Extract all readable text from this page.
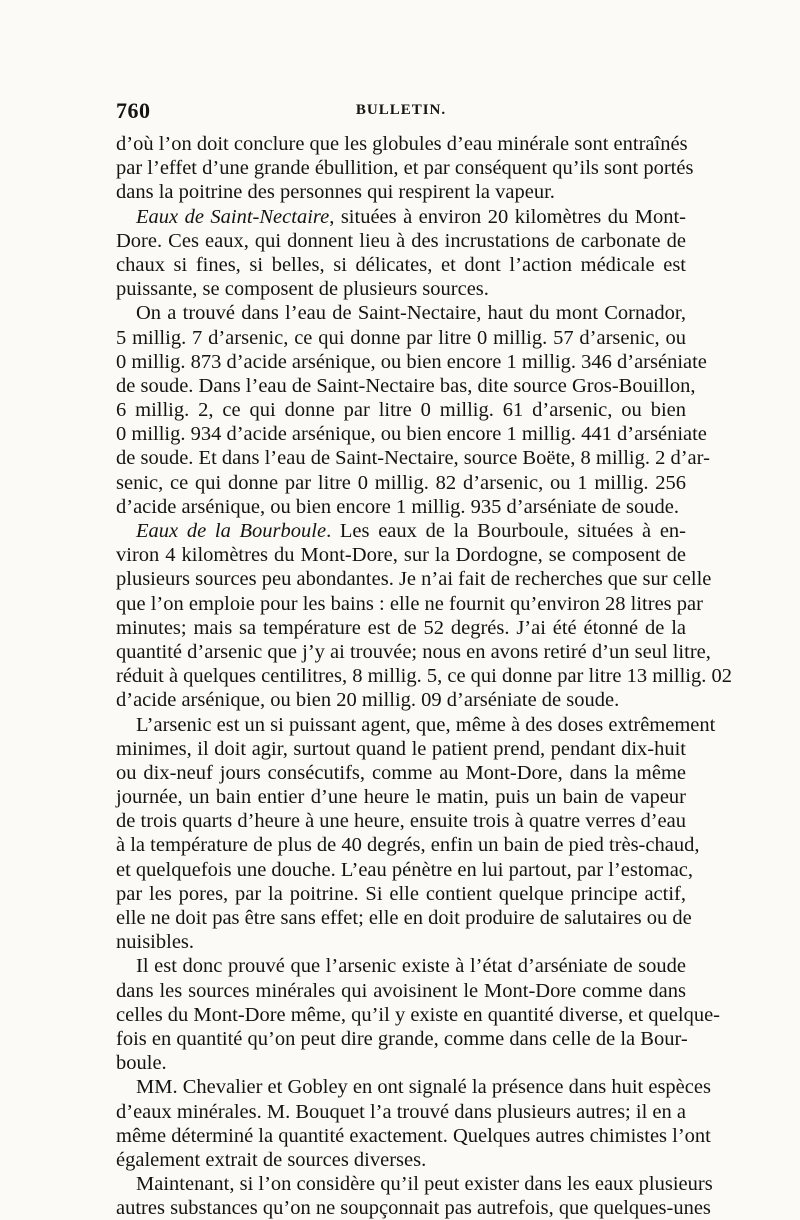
760	BULLETIN.
d’où l’on doit conclure que les globules d’eau minérale sont entraînés
par l’effet d’une grande ébullition, et par conséquent qu’ils sont portés
dans la poitrine des personnes qui respirent la vapeur.
Eaux de Saint-Nectaire, situées à environ 20 kilomètres du Mont-
Dore. Ces eaux, qui donnent lieu à des incrustations de carbonate de
chaux si fines, si belles, si délicates, et dont l’action médicale est
puissante, se composent de plusieurs sources.
On a trouvé dans l’eau de Saint-Nectaire, haut du mont Cornador,
5 millig. 7 d’arsenic, ce qui donne par litre 0 millig. 57 d’arsenic, ou
0 millig. 873 d’acide arsénique, ou bien encore 1 millig. 346 d’arséniate
de soude. Dans l’eau de Saint-Nectaire bas, dite source Gros-Bouillon,
6 millig. 2, ce qui donne par litre 0 millig. 61 d’arsenic, ou bien
0 millig. 934 d’acide arsénique, ou bien encore 1 millig. 441 d’arséniate
de soude. Et dans l’eau de Saint-Nectaire, source Boëte, 8 millig. 2 d’ar-
senic, ce qui donne par litre 0 millig. 82 d’arsenic, ou 1 millig. 256
d’acide arsénique, ou bien encore 1 millig. 935 d’arséniate de soude.
Eaux de la Bourboule. Les eaux de la Bourboule, situées à en-
viron 4 kilomètres du Mont-Dore, sur la Dordogne, se composent de
plusieurs sources peu abondantes. Je n’ai fait de recherches que sur celle
que l’on emploie pour les bains : elle ne fournit qu’environ 28 litres par
minutes; mais sa température est de 52 degrés. J’ai été étonné de la
quantité d’arsenic que j’y ai trouvée; nous en avons retiré d’un seul litre,
réduit à quelques centilitres, 8 millig. 5, ce qui donne par litre 13 millig. 02
d’acide arsénique, ou bien 20 millig. 09 d’arséniate de soude.
L’arsenic est un si puissant agent, que, même à des doses extrêmement
minimes, il doit agir, surtout quand le patient prend, pendant dix-huit
ou dix-neuf jours consécutifs, comme au Mont-Dore, dans la même
journée, un bain entier d’une heure le matin, puis un bain de vapeur
de trois quarts d’heure à une heure, ensuite trois à quatre verres d’eau
à la température de plus de 40 degrés, enfin un bain de pied très-chaud,
et quelquefois une douche. L’eau pénètre en lui partout, par l’estomac,
par les pores, par la poitrine. Si elle contient quelque principe actif,
elle ne doit pas être sans effet; elle en doit produire de salutaires ou de
nuisibles.
Il est donc prouvé que l’arsenic existe à l’état d’arséniate de soude
dans les sources minérales qui avoisinent le Mont-Dore comme dans
celles du Mont-Dore même, qu’il y existe en quantité diverse, et quelque-
fois en quantité qu’on peut dire grande, comme dans celle de la Bour-
boule.
MM. Chevalier et Gobley en ont signalé la présence dans huit espèces
d’eaux minérales. M. Bouquet l’a trouvé dans plusieurs autres; il en a
même déterminé la quantité exactement. Quelques autres chimistes l’ont
également extrait de sources diverses.
Maintenant, si l’on considère qu’il peut exister dans les eaux plusieurs
autres substances qu’on ne soupçonnait pas autrefois, que quelques-unes
